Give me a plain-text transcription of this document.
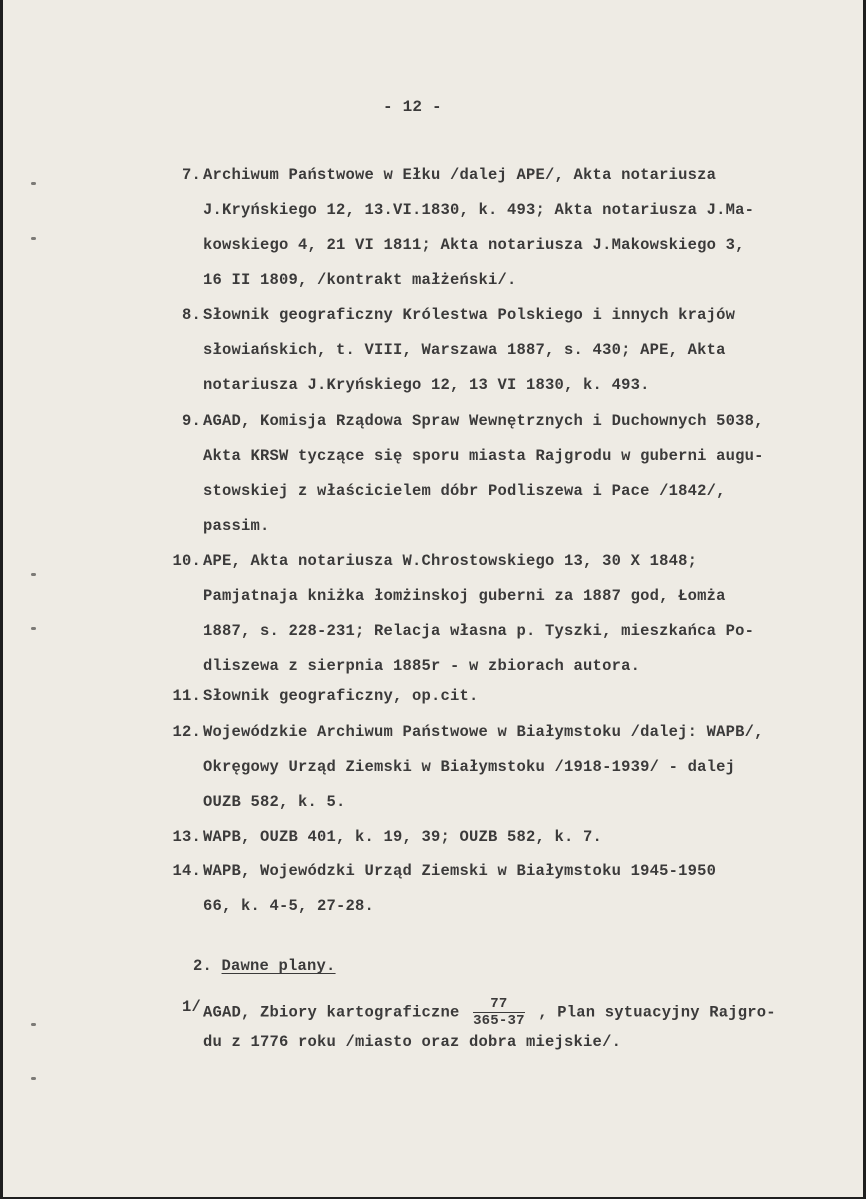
- 12 -
7. Archiwum Państwowe w Ełku /dalej APE/, Akta notariusza
J.Kryńskiego 12, 13.VI.1830, k. 493; Akta notariusza J.Ma-
kowskiego 4, 21 VI 1811; Akta notariusza J.Makowskiego 3,
16 II 1809, /kontrakt małżeński/.
8. Słownik geograficzny Królestwa Polskiego i innych krajów
słowiańskich, t. VIII, Warszawa 1887, s. 430; APE, Akta
notariusza J.Kryńskiego 12, 13 VI 1830, k. 493.
9. AGAD, Komisja Rządowa Spraw Wewnętrznych i Duchownych 5038,
Akta KRSW tyczące się sporu miasta Rajgrodu w guberni augu-
stowskiej z właścicielem dóbr Podliszewa i Pace /1842/,
passim.
10. APE, Akta notariusza W.Chrostowskiego 13, 30 X 1848;
Pamjatnaja kniżka łomżinskoj guberni za 1887 god, Łomża
1887, s. 228-231; Relacja własna p. Tyszki, mieszkańca Po-
dliszewa z sierpnia 1885r - w zbiorach autora.
11. Słownik geograficzny, op.cit.
12. Wojewódzkie Archiwum Państwowe w Białymstoku /dalej: WAPB/,
Okręgowy Urząd Ziemski w Białymstoku /1918-1939/ - dalej
OUZB 582, k. 5.
13. WAPB, OUZB 401, k. 19, 39; OUZB 582, k. 7.
14. WAPB, Wojewódzki Urząd Ziemski w Białymstoku 1945-1950
66, k. 4-5, 27-28.
2. Dawne plany.
1/ AGAD, Zbiory kartograficzne $\frac{77}{365-37}$ , Plan sytuacyjny Rajgro-
du z 1776 roku /miasto oraz dobra miejskie/.
